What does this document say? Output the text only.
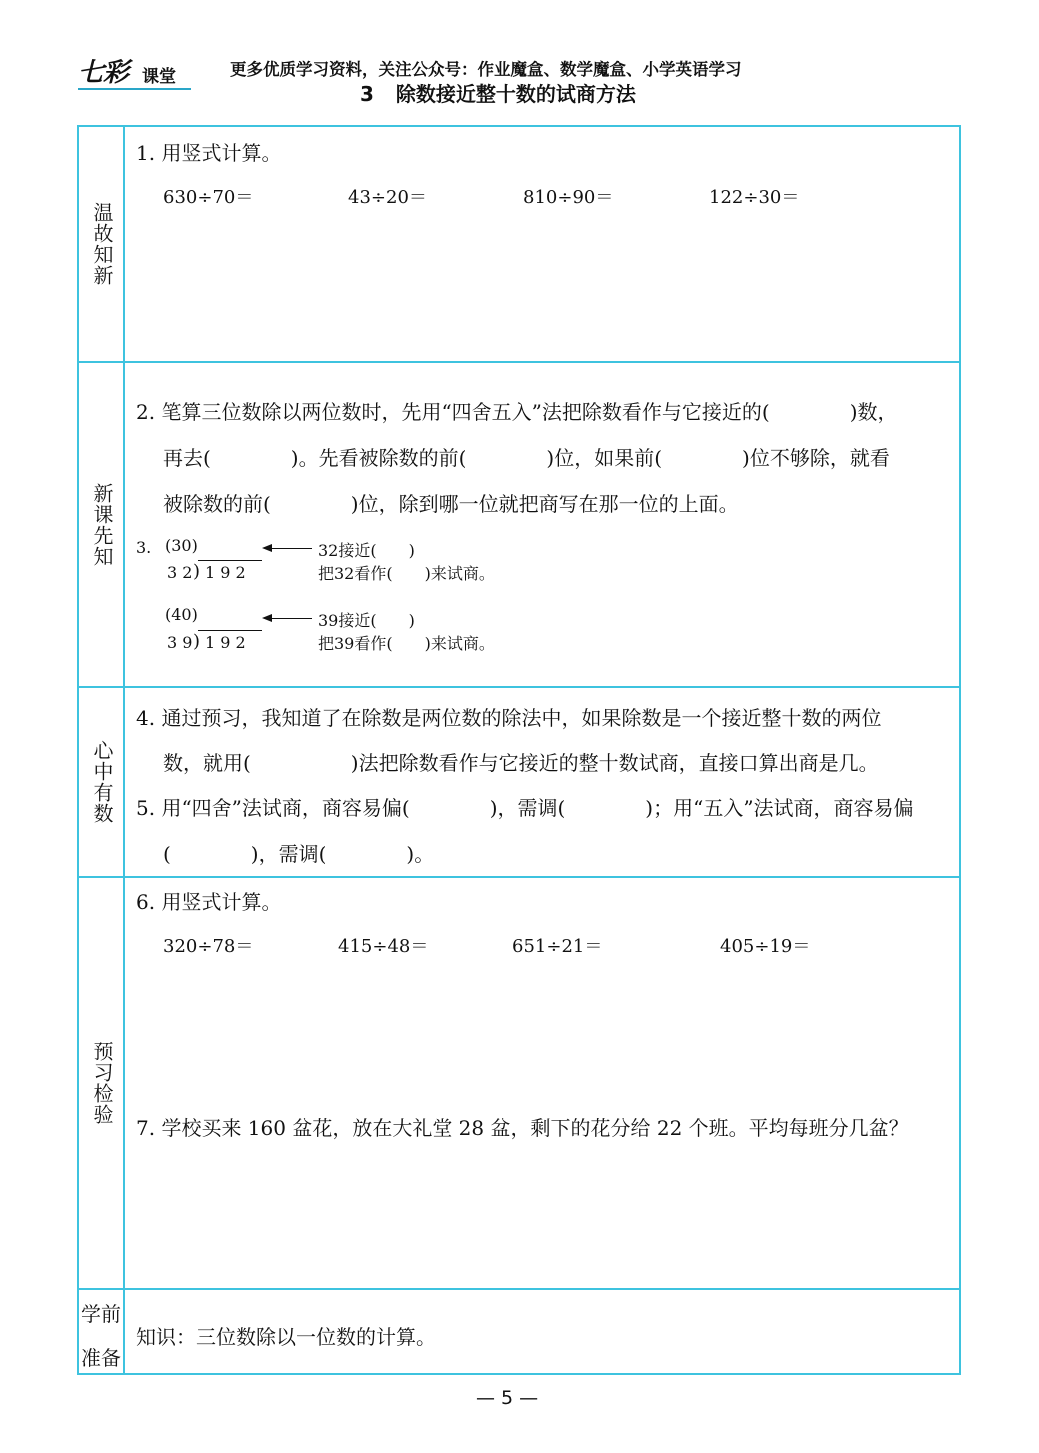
七彩 课堂	更多优质学习资料，关注公众号：作业魔盒、数学魔盒、小学英语学习
3 除数接近整十数的试商方法
温故知新
新课先知
心中有数
预习检验
学前
准备
1. 用竖式计算。
630÷70＝	43÷20＝	810÷90＝	122÷30＝
2. 笔算三位数除以两位数时，先用“四舍五入”法把除数看作与它接近的(　　　　)数，
再去(　　　　)。先看被除数的前(　　　　)位，如果前(　　　　)位不够除，就看
被除数的前(　　　　)位，除到哪一位就把商写在那一位的上面。
3. (30)
3 2 ) 1 9 2
32接近(　　)
把32看作(　　)来试商。
(40)
3 9 ) 1 9 2
39接近(　　)
把39看作(　　)来试商。
4. 通过预习，我知道了在除数是两位数的除法中，如果除数是一个接近整十数的两位
数，就用(　　　　　)法把除数看作与它接近的整十数试商，直接口算出商是几。
5. 用“四舍”法试商，商容易偏(　　　　)，需调(　　　　)；用“五入”法试商，商容易偏
(　　　　)，需调(　　　　)。
6. 用竖式计算。
320÷78＝	415÷48＝	651÷21＝	405÷19＝
7. 学校买来 160 盆花，放在大礼堂 28 盆，剩下的花分给 22 个班。平均每班分几盆？
知识：三位数除以一位数的计算。
— 5 —
